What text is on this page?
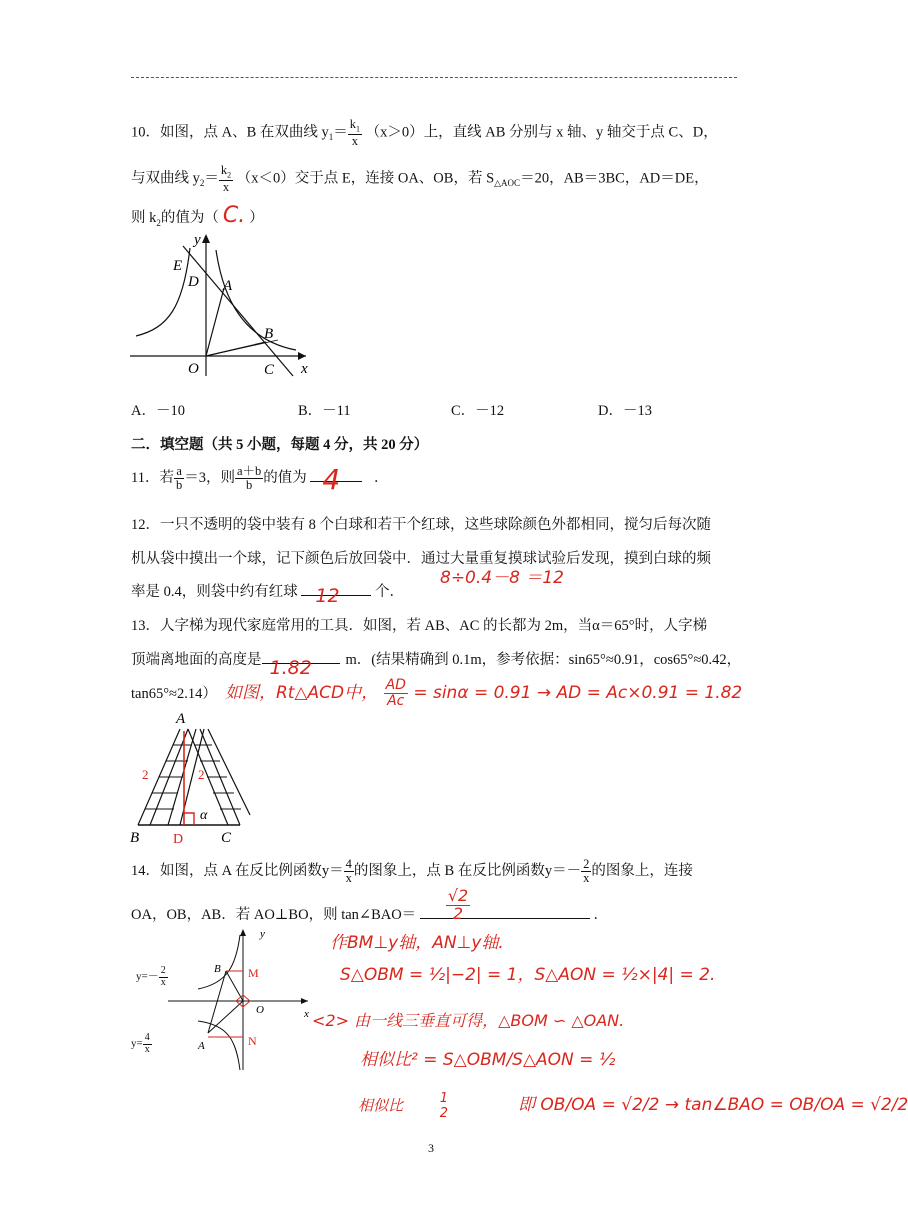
10．如图，点 A、B 在双曲线 $y_1= \frac{k_1}{x} (x>0)$上，直线 AB 分别与 x 轴、y 轴交于点 C、D，
与双曲线 $y_2= \frac{k_2}{x} (x<0)$交于点 E，连接 OA、OB，若 $S_{\triangle AOC}=20$，AB＝3BC，AD＝DE，
则 $k_2$的值为（ C. ）
E
D A
B
O	C x
y
A．－10	B．－11	C．－12	D．－13
二．填空题（共 5 小题，每题 4 分，共 20 分）
11．若 $\frac{a}{b} =3$，则 $\frac{a+b}{b}$ 的值为 4 ．
12．一只不透明的袋中装有 8 个白球和若干个红球，这些球除颜色外都相同，搅匀后每次随
机从袋中摸出一个球，记下颜色后放回袋中．通过大量重复摸球试验后发现，摸到白球的频
率是 0.4，则袋中约有红球 12 个．
8÷0.4－8 ＝12
13．人字梯为现代家庭常用的工具．如图，若 AB、AC 的长都为 2m，当α＝65°时，人字梯
顶端离地面的高度是 1.82 m．(结果精确到 0.1m，参考依据：sin65°≈0.91，cos65°≈0.42，
tan65°≈2.14） 如图，Rt△ACD中， $\frac{AD}{Ac} = \sin\alpha = 0.91$ → AD = Ac×0.91 = 1.82
A
2	2
B D	C
α
14．如图，点 A 在反比例函数$y= \frac{4}{x}$ 的图象上，点 B 在反比例函数$y=- \frac{2}{x}$ 的图象上，连接
OA，OB，AB．若 AO⊥BO，则 tan∠BAO＝ $\frac{√2}{2}$	．
y
x
O
B
A
M
N
$y=- \frac{2}{x}$
$y= \frac{4}{x}$
作BM⊥y轴，AN⊥y轴.
S△OBM = ½|−2| = 1，S△AON = ½×|4| = 2.
<2> 由一线三垂直可得，△BOM ∽ △OAN.
相似比² = S△OBM/S△AON = ½
相似比	1
2	即 OB/OA = √2/2 → tan∠BAO = OB/OA = √2/2
3
